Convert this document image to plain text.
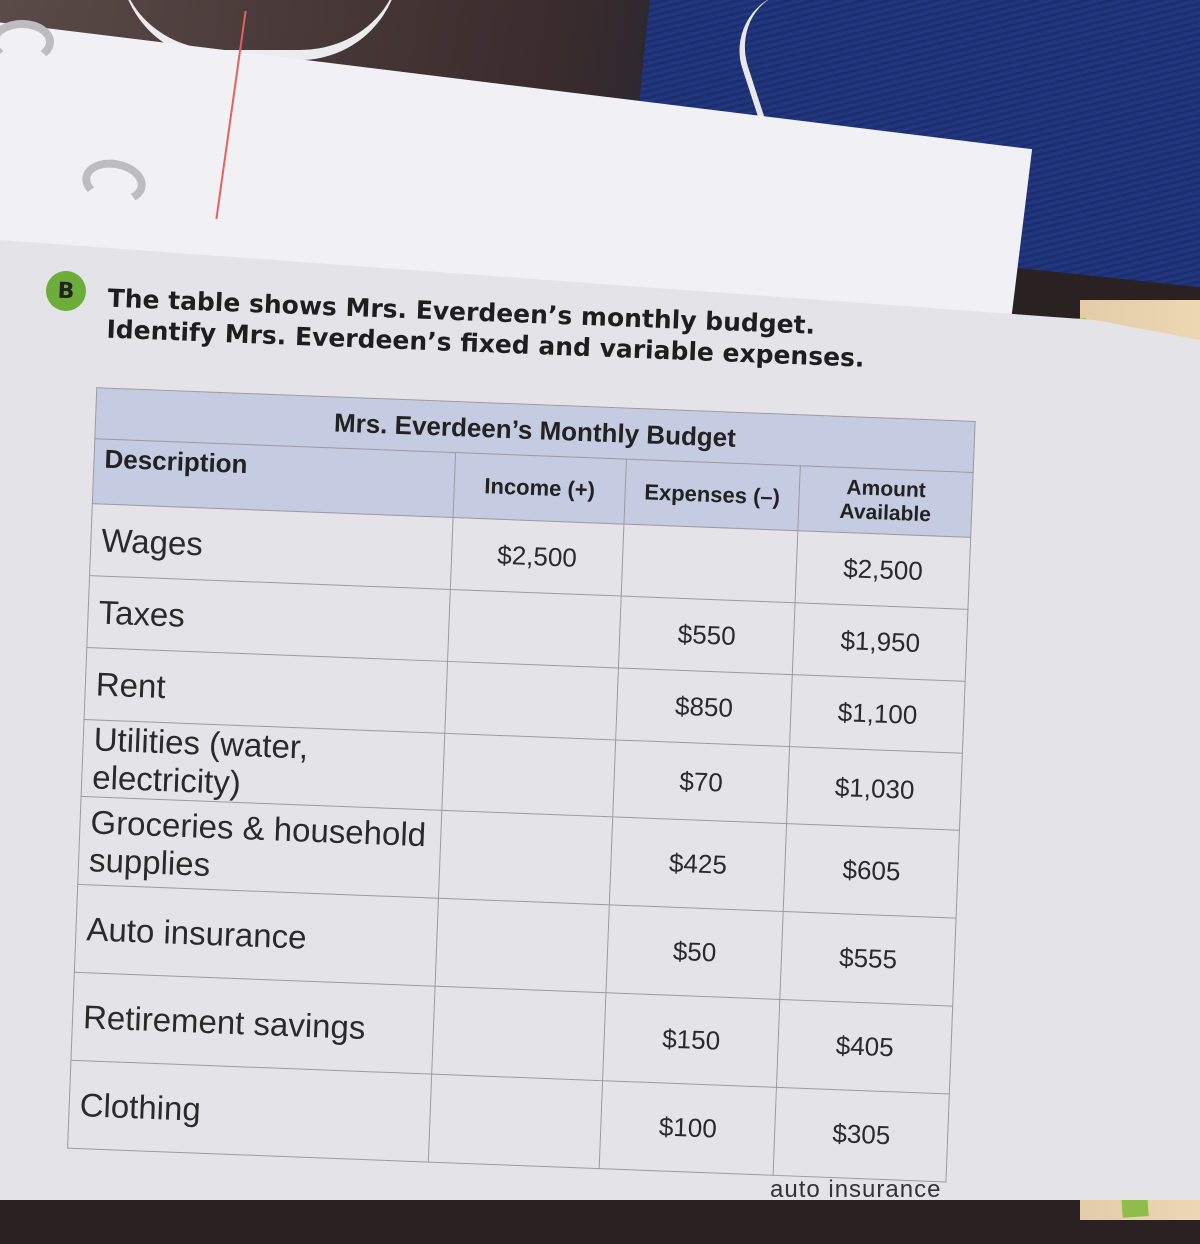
B	The table shows Mrs. Everdeen’s monthly budget. Identify Mrs. Everdeen’s fixed and variable expenses.

Mrs. Everdeen’s Monthly Budget			
Description	Income (+)	Expenses (–)	Amount Available
Wages	$2,500		$2,500
Taxes		$550	$1,950
Rent		$850	$1,100
Utilities (water, electricity)		$70	$1,030
Groceries & household supplies		$425	$605
Auto insurance		$50	$555
Retirement savings		$150	$405
Clothing		$100	$305
auto insurance
